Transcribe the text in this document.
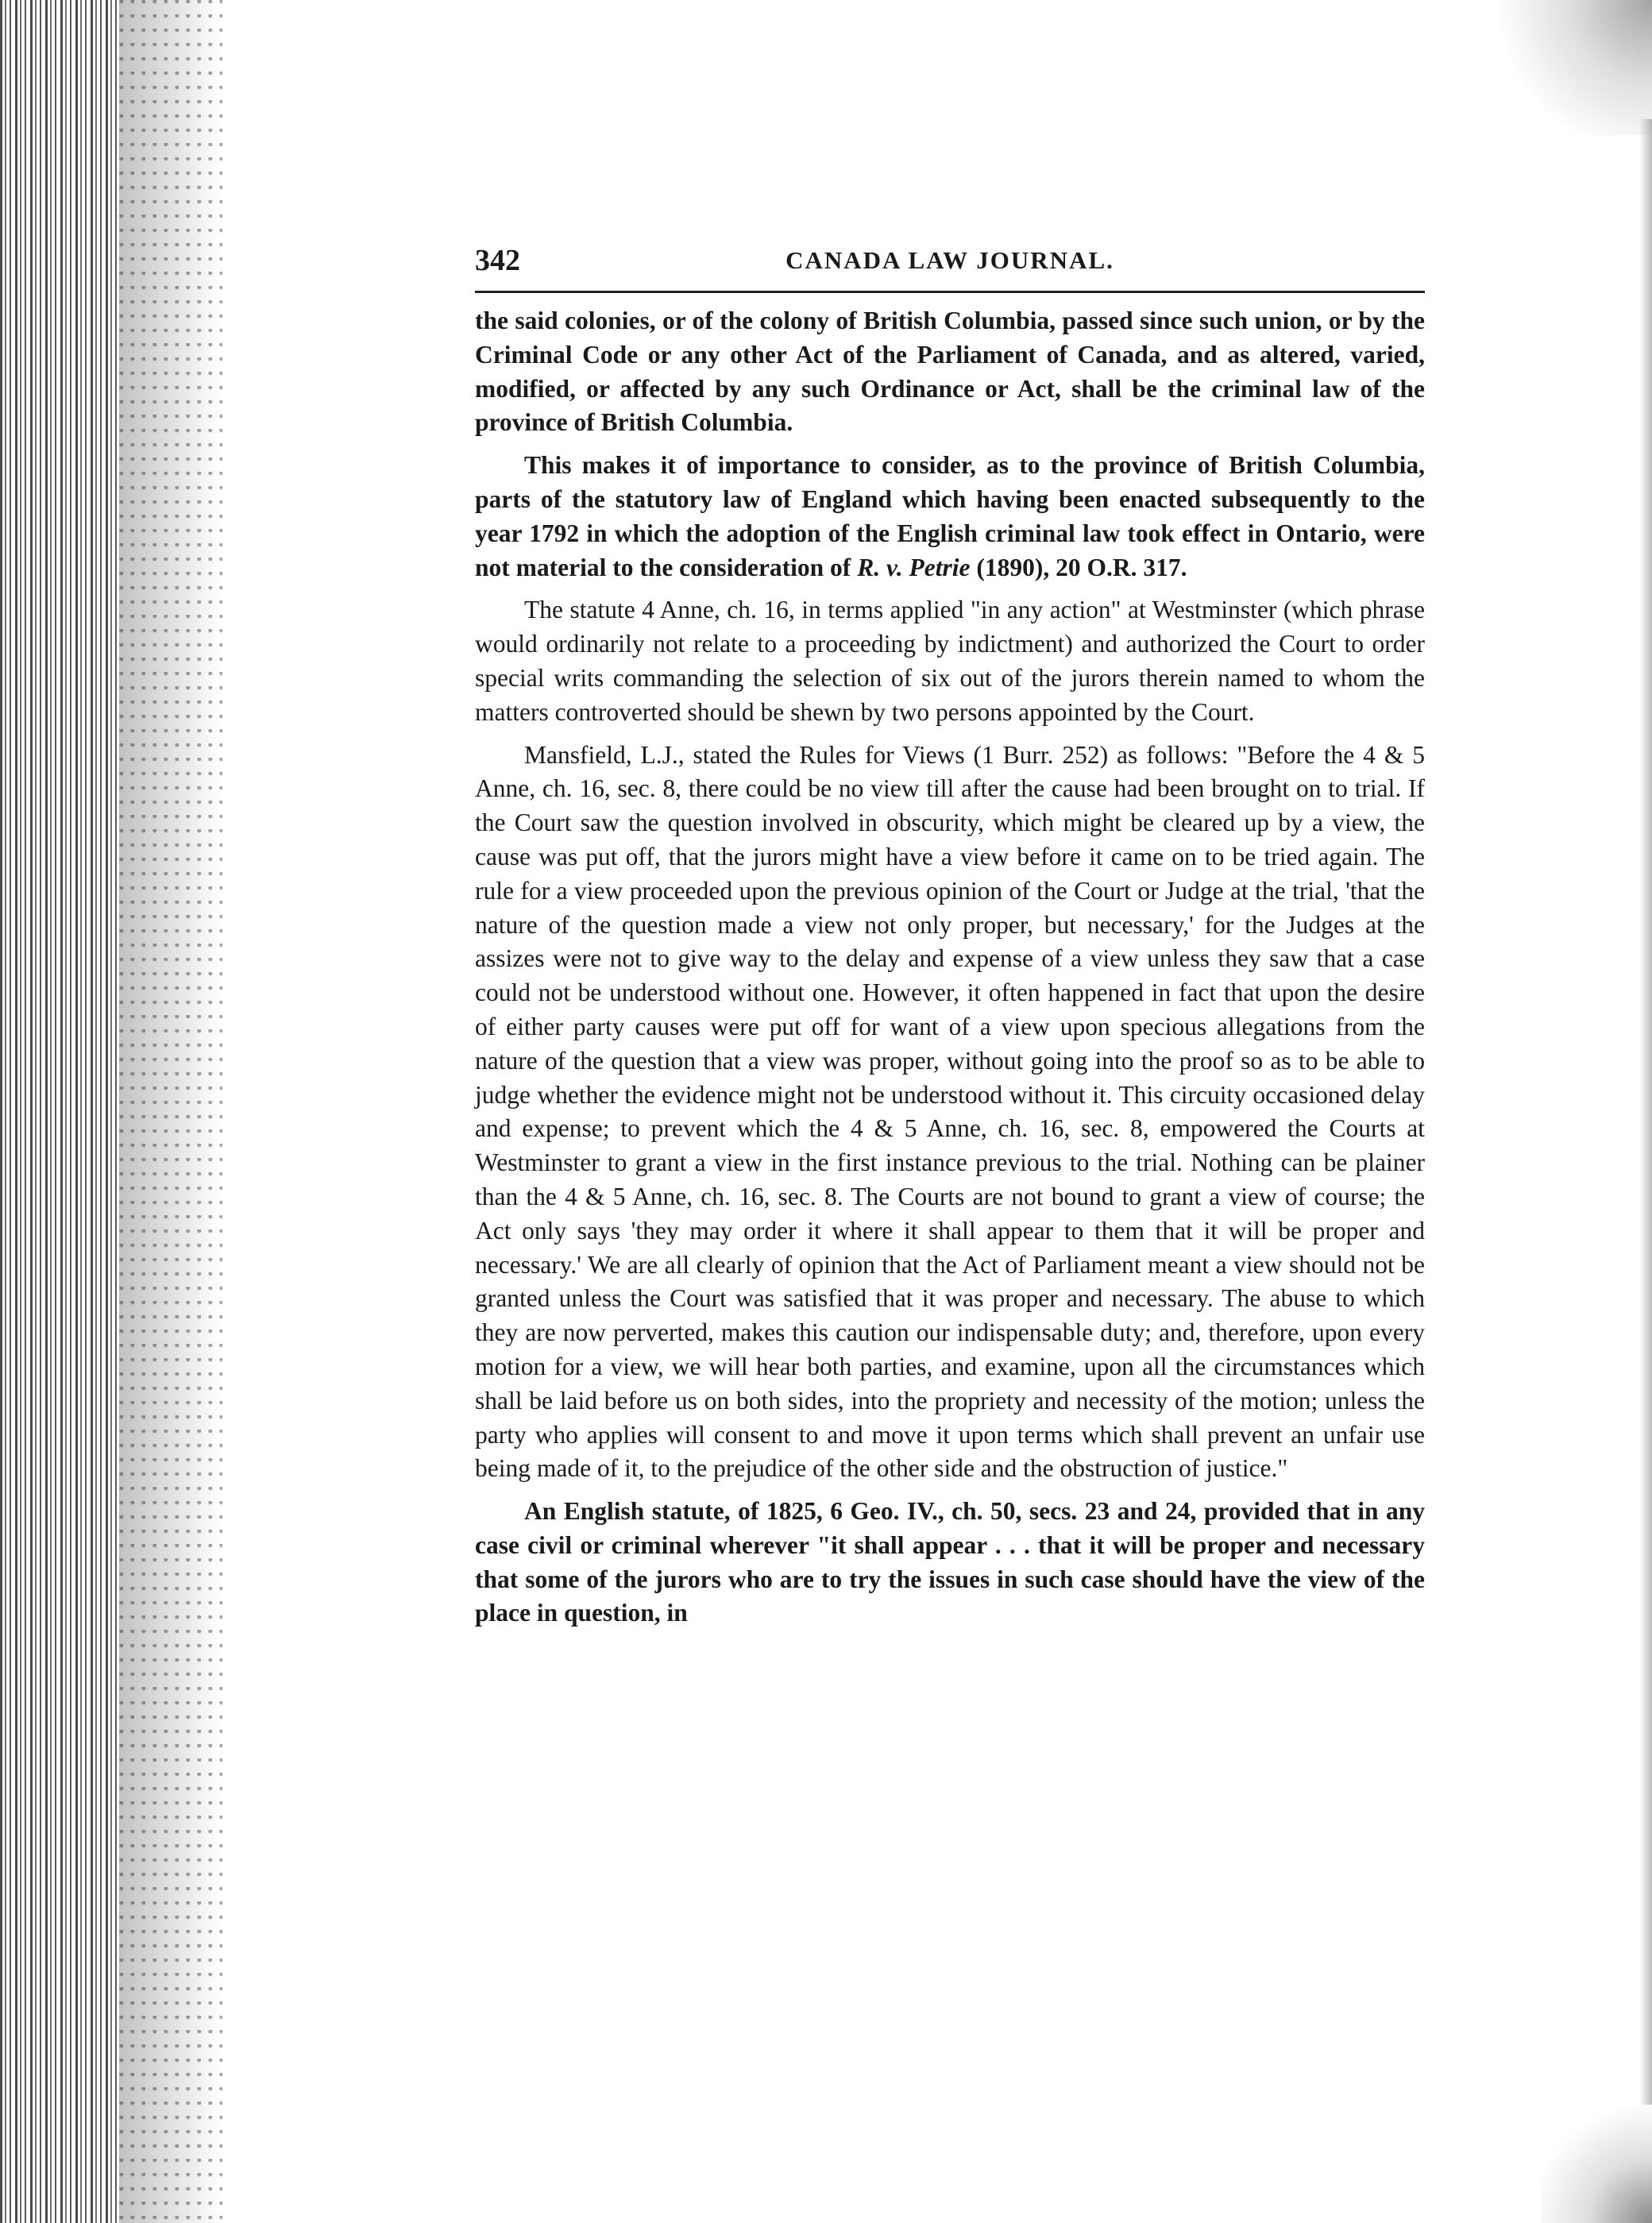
342	CANADA LAW JOURNAL.

the said colonies, or of the colony of British Columbia, passed since such union, or by the Criminal Code or any other Act of the Parliament of Canada, and as altered, varied, modified, or affected by any such Ordinance or Act, shall be the criminal law of the province of British Columbia.

This makes it of importance to consider, as to the province of British Columbia, parts of the statutory law of England which having been enacted subsequently to the year 1792 in which the adoption of the English criminal law took effect in Ontario, were not material to the consideration of R. v. Petrie (1890), 20 O.R. 317.

The statute 4 Anne, ch. 16, in terms applied "in any action" at Westminster (which phrase would ordinarily not relate to a proceeding by indictment) and authorized the Court to order special writs commanding the selection of six out of the jurors therein named to whom the matters controverted should be shewn by two persons appointed by the Court.

Mansfield, L.J., stated the Rules for Views (1 Burr. 252) as follows: "Before the 4 & 5 Anne, ch. 16, sec. 8, there could be no view till after the cause had been brought on to trial. If the Court saw the question involved in obscurity, which might be cleared up by a view, the cause was put off, that the jurors might have a view before it came on to be tried again. The rule for a view proceeded upon the previous opinion of the Court or Judge at the trial, 'that the nature of the question made a view not only proper, but necessary,' for the Judges at the assizes were not to give way to the delay and expense of a view unless they saw that a case could not be understood without one. However, it often happened in fact that upon the desire of either party causes were put off for want of a view upon specious allegations from the nature of the question that a view was proper, without going into the proof so as to be able to judge whether the evidence might not be understood without it. This circuity occasioned delay and expense; to prevent which the 4 & 5 Anne, ch. 16, sec. 8, empowered the Courts at Westminster to grant a view in the first instance previous to the trial. Nothing can be plainer than the 4 & 5 Anne, ch. 16, sec. 8. The Courts are not bound to grant a view of course; the Act only says 'they may order it where it shall appear to them that it will be proper and necessary.' We are all clearly of opinion that the Act of Parliament meant a view should not be granted unless the Court was satisfied that it was proper and necessary. The abuse to which they are now perverted, makes this caution our indispensable duty; and, therefore, upon every motion for a view, we will hear both parties, and examine, upon all the circumstances which shall be laid before us on both sides, into the propriety and necessity of the motion; unless the party who applies will consent to and move it upon terms which shall prevent an unfair use being made of it, to the prejudice of the other side and the obstruction of justice."

An English statute, of 1825, 6 Geo. IV., ch. 50, secs. 23 and 24, provided that in any case civil or criminal wherever "it shall appear . . . that it will be proper and necessary that some of the jurors who are to try the issues in such case should have the view of the place in question, in
